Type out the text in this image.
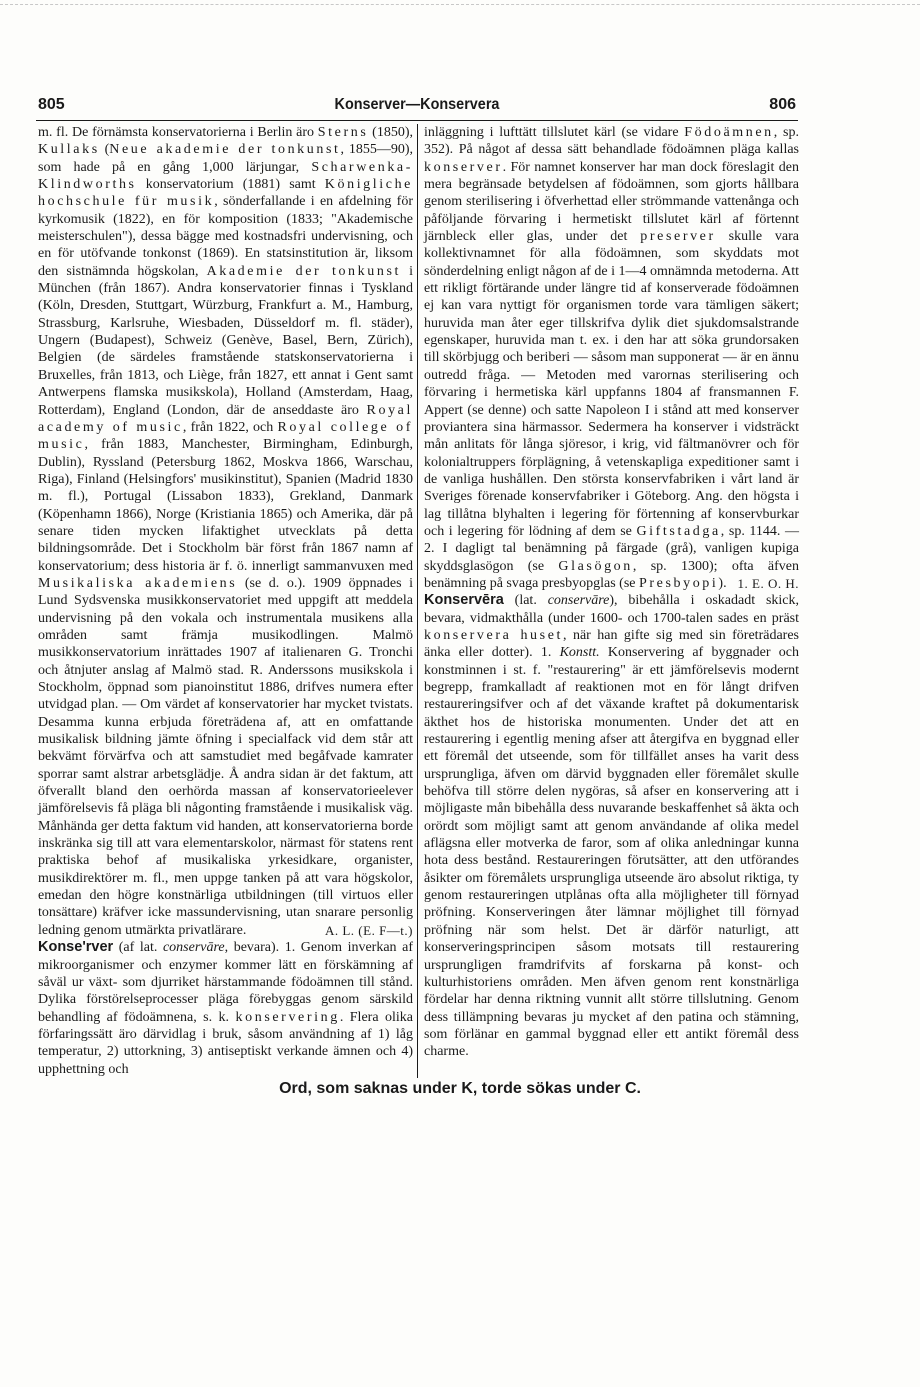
805	Konserver—Konservera	806

m. fl. De förnämsta konservatorierna i Berlin äro Sterns (1850), Kullaks (Neue akademie der tonkunst, 1855—90), som hade på en gång 1,000 lärjungar, Scharwenka-Klindworths konservatorium (1881) samt Königliche hochschule für musik, sönderfallande i en afdelning för kyrkomusik (1822), en för komposition (1833; "Akademische meisterschulen"), dessa bägge med kostnadsfri undervisning, och en för utöfvande tonkonst (1869). En statsinstitution är, liksom den sistnämnda högskolan, Akademie der tonkunst i München (från 1867). Andra konservatorier finnas i Tyskland (Köln, Dresden, Stuttgart, Würzburg, Frankfurt a. M., Hamburg, Strassburg, Karlsruhe, Wiesbaden, Düsseldorf m. fl. städer), Ungern (Budapest), Schweiz (Genève, Basel, Bern, Zürich), Belgien (de särdeles framstående statskonservatorierna i Bruxelles, från 1813, och Liège, från 1827, ett annat i Gent samt Antwerpens flamska musikskola), Holland (Amsterdam, Haag, Rotterdam), England (London, där de anseddaste äro Royal academy of music, från 1822, och Royal college of music, från 1883, Manchester, Birmingham, Edinburgh, Dublin), Ryssland (Petersburg 1862, Moskva 1866, Warschau, Riga), Finland (Helsingfors' musikinstitut), Spanien (Madrid 1830 m. fl.), Portugal (Lissabon 1833), Grekland, Danmark (Köpenhamn 1866), Norge (Kristiania 1865) och Amerika, där på senare tiden mycken lifaktighet utvecklats på detta bildningsområde. Det i Stockholm bär först från 1867 namn af konservatorium; dess historia är f. ö. innerligt sammanvuxen med Musikaliska akademiens (se d. o.). 1909 öppnades i Lund Sydsvenska musikkonservatoriet med uppgift att meddela undervisning på den vokala och instrumentala musikens alla områden samt främja musikodlingen. Malmö musikkonservatorium inrättades 1907 af italienaren G. Tronchi och åtnjuter anslag af Malmö stad. R. Anderssons musikskola i Stockholm, öppnad som pianoinstitut 1886, drifves numera efter utvidgad plan. — Om värdet af konservatorier har mycket tvistats. Desamma kunna erbjuda företrädena af, att en omfattande musikalisk bildning jämte öfning i specialfack vid dem står att bekvämt förvärfva och att samstudiet med begåfvade kamrater sporrar samt alstrar arbetsglädje. Å andra sidan är det faktum, att öfverallt bland den oerhörda massan af konservatorieelever jämförelsevis få pläga bli någonting framstående i musikalisk väg. Månhända ger detta faktum vid handen, att konservatorierna borde inskränka sig till att vara elementarskolor, närmast för statens rent praktiska behof af musikaliska yrkesidkare, organister, musikdirektörer m. fl., men uppge tanken på att vara högskolor, emedan den högre konstnärliga utbildningen (till virtuos eller tonsättare) kräfver icke massundervisning, utan snarare personlig ledning genom utmärkta privatlärare.	A. L. (E. F—t.)

Konse'rver (af lat. conservāre, bevara). 1. Genom inverkan af mikroorganismer och enzymer kommer lätt en förskämning af såväl ur växt- som djurriket härstammande födoämnen till stånd. Dylika förstörelseprocesser pläga förebyggas genom särskild behandling af födoämnena, s. k. konservering. Flera olika förfaringssätt äro därvidlag i bruk, såsom användning af 1) låg temperatur, 2) uttorkning, 3) antiseptiskt verkande ämnen och 4) upphettning och

inläggning i lufttätt tillslutet kärl (se vidare Födoämnen, sp. 352). På något af dessa sätt behandlade födoämnen pläga kallas konserver. För namnet konserver har man dock föreslagit den mera begränsade betydelsen af födoämnen, som gjorts hållbara genom sterilisering i öfverhettad eller strömmande vattenånga och påföljande förvaring i hermetiskt tillslutet kärl af förtennt järnbleck eller glas, under det preserver skulle vara kollektivnamnet för alla födoämnen, som skyddats mot sönderdelning enligt någon af de i 1—4 omnämnda metoderna. Att ett rikligt förtärande under längre tid af konserverade födoämnen ej kan vara nyttigt för organismen torde vara tämligen säkert; huruvida man åter eger tillskrifva dylik diet sjukdomsalstrande egenskaper, huruvida man t. ex. i den har att söka grundorsaken till skörbjugg och beriberi — såsom man supponerat — är en ännu outredd fråga. — Metoden med varornas sterilisering och förvaring i hermetiska kärl uppfanns 1804 af fransmannen F. Appert (se denne) och satte Napoleon I i stånd att med konserver proviantera sina härmassor. Sedermera ha konserver i vidsträckt mån anlitats för långa sjöresor, i krig, vid fältmanövrer och för kolonialtruppers förplägning, å vetenskapliga expeditioner samt i de vanliga hushållen. Den största konservfabriken i vårt land är Sveriges förenade konservfabriker i Göteborg. Ang. den högsta i lag tillåtna blyhalten i legering för förtenning af konservburkar och i legering för lödning af dem se Giftstadga, sp. 1144. — 2. I dagligt tal benämning på färgade (grå), vanligen kupiga skyddsglasögon (se Glasögon, sp. 1300); ofta äfven benämning på svaga presbyopglas (se Presbyopi). 1. E. O. H.

Konservēra (lat. conservāre), bibehålla i oskadadt skick, bevara, vidmakthålla (under 1600- och 1700-talen sades en präst konservera huset, när han gifte sig med sin företrädares änka eller dotter). 1. Konstt. Konservering af byggnader och konstminnen i st. f. "restaurering" är ett jämförelsevis modernt begrepp, framkalladt af reaktionen mot en för långt drifven restaureringsifver och af det växande kraftet på dokumentarisk äkthet hos de historiska monumenten. Under det att en restaurering i egentlig mening afser att återgifva en byggnad eller ett föremål det utseende, som för tillfället anses ha varit dess ursprungliga, äfven om därvid byggnaden eller föremålet skulle behöfva till större delen nygöras, så afser en konservering att i möjligaste mån bibehålla dess nuvarande beskaffenhet så äkta och orördt som möjligt samt att genom användande af olika medel aflägsna eller motverka de faror, som af olika anledningar kunna hota dess bestånd. Restaureringen förutsätter, att den utförandes åsikter om föremålets ursprungliga utseende äro absolut riktiga, ty genom restaureringen utplånas ofta alla möjligheter till förnyad pröfning. Konserveringen åter lämnar möjlighet till förnyad pröfning när som helst. Det är därför naturligt, att konserveringsprincipen såsom motsats till restaurering ursprungligen framdrifvits af forskarna på konst- och kulturhistoriens områden. Men äfven genom rent konstnärliga fördelar har denna riktning vunnit allt större tillslutning. Genom dess tillämpning bevaras ju mycket af den patina och stämning, som förlänar en gammal byggnad eller ett antikt föremål dess charme.

Ord, som saknas under K, torde sökas under C.
